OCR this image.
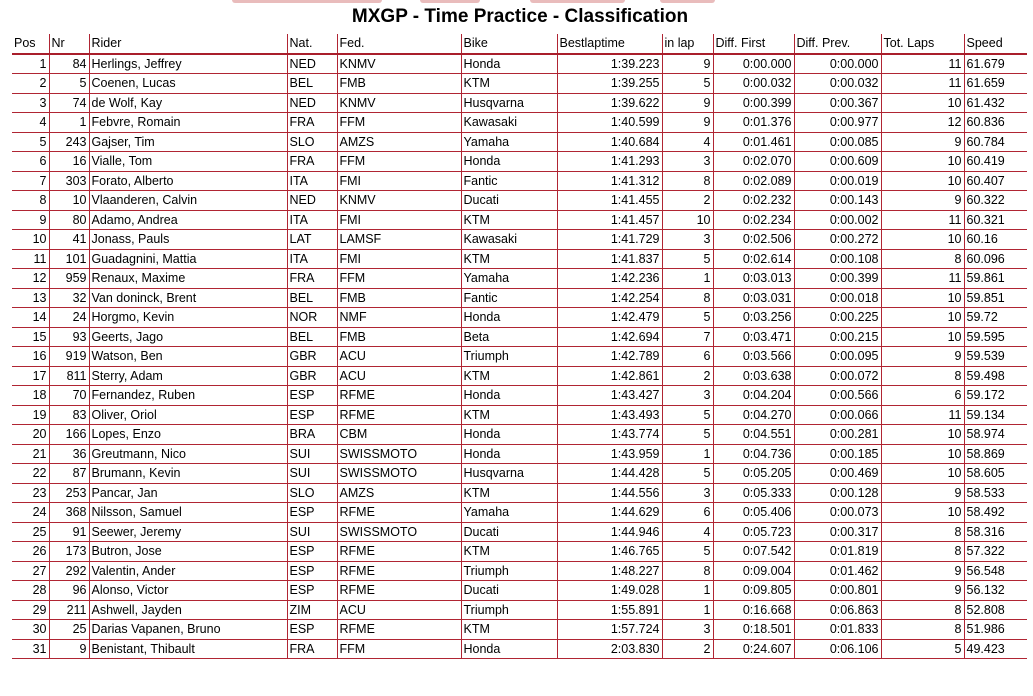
MXGP - Time Practice - Classification
Pos	Nr	Rider	Nat.	Fed.	Bike	Bestlaptime	in lap	Diff. First	Diff. Prev.	Tot. Laps	Speed
1	84	Herlings, Jeffrey	NED	KNMV	Honda	1:39.223	9	0:00.000	0:00.000	11	61.679
2	5	Coenen, Lucas	BEL	FMB	KTM	1:39.255	5	0:00.032	0:00.032	11	61.659
3	74	de Wolf, Kay	NED	KNMV	Husqvarna	1:39.622	9	0:00.399	0:00.367	10	61.432
4	1	Febvre, Romain	FRA	FFM	Kawasaki	1:40.599	9	0:01.376	0:00.977	12	60.836
5	243	Gajser, Tim	SLO	AMZS	Yamaha	1:40.684	4	0:01.461	0:00.085	9	60.784
6	16	Vialle, Tom	FRA	FFM	Honda	1:41.293	3	0:02.070	0:00.609	10	60.419
7	303	Forato, Alberto	ITA	FMI	Fantic	1:41.312	8	0:02.089	0:00.019	10	60.407
8	10	Vlaanderen, Calvin	NED	KNMV	Ducati	1:41.455	2	0:02.232	0:00.143	9	60.322
9	80	Adamo, Andrea	ITA	FMI	KTM	1:41.457	10	0:02.234	0:00.002	11	60.321
10	41	Jonass, Pauls	LAT	LAMSF	Kawasaki	1:41.729	3	0:02.506	0:00.272	10	60.16
11	101	Guadagnini, Mattia	ITA	FMI	KTM	1:41.837	5	0:02.614	0:00.108	8	60.096
12	959	Renaux, Maxime	FRA	FFM	Yamaha	1:42.236	1	0:03.013	0:00.399	11	59.861
13	32	Van doninck, Brent	BEL	FMB	Fantic	1:42.254	8	0:03.031	0:00.018	10	59.851
14	24	Horgmo, Kevin	NOR	NMF	Honda	1:42.479	5	0:03.256	0:00.225	10	59.72
15	93	Geerts, Jago	BEL	FMB	Beta	1:42.694	7	0:03.471	0:00.215	10	59.595
16	919	Watson, Ben	GBR	ACU	Triumph	1:42.789	6	0:03.566	0:00.095	9	59.539
17	811	Sterry, Adam	GBR	ACU	KTM	1:42.861	2	0:03.638	0:00.072	8	59.498
18	70	Fernandez, Ruben	ESP	RFME	Honda	1:43.427	3	0:04.204	0:00.566	6	59.172
19	83	Oliver, Oriol	ESP	RFME	KTM	1:43.493	5	0:04.270	0:00.066	11	59.134
20	166	Lopes, Enzo	BRA	CBM	Honda	1:43.774	5	0:04.551	0:00.281	10	58.974
21	36	Greutmann, Nico	SUI	SWISSMOTO	Honda	1:43.959	1	0:04.736	0:00.185	10	58.869
22	87	Brumann, Kevin	SUI	SWISSMOTO	Husqvarna	1:44.428	5	0:05.205	0:00.469	10	58.605
23	253	Pancar, Jan	SLO	AMZS	KTM	1:44.556	3	0:05.333	0:00.128	9	58.533
24	368	Nilsson, Samuel	ESP	RFME	Yamaha	1:44.629	6	0:05.406	0:00.073	10	58.492
25	91	Seewer, Jeremy	SUI	SWISSMOTO	Ducati	1:44.946	4	0:05.723	0:00.317	8	58.316
26	173	Butron, Jose	ESP	RFME	KTM	1:46.765	5	0:07.542	0:01.819	8	57.322
27	292	Valentin, Ander	ESP	RFME	Triumph	1:48.227	8	0:09.004	0:01.462	9	56.548
28	96	Alonso, Victor	ESP	RFME	Ducati	1:49.028	1	0:09.805	0:00.801	9	56.132
29	211	Ashwell, Jayden	ZIM	ACU	Triumph	1:55.891	1	0:16.668	0:06.863	8	52.808
30	25	Darias Vapanen, Bruno	ESP	RFME	KTM	1:57.724	3	0:18.501	0:01.833	8	51.986
31	9	Benistant, Thibault	FRA	FFM	Honda	2:03.830	2	0:24.607	0:06.106	5	49.423
